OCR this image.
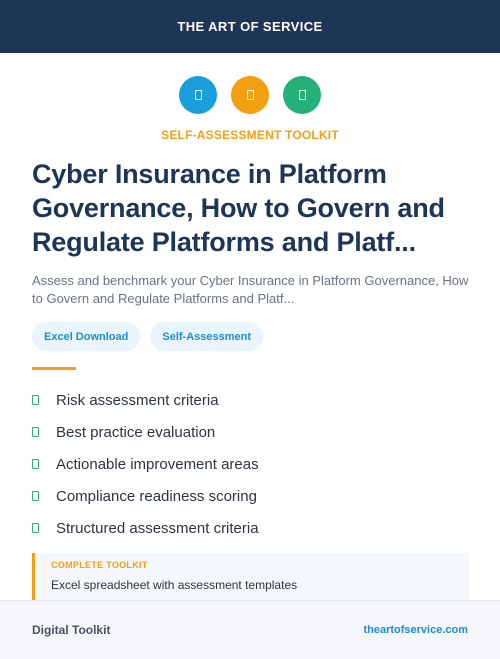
THE ART OF SERVICE
SELF-ASSESSMENT TOOLKIT
Cyber Insurance in Platform Governance, How to Govern and Regulate Platforms and Platf...

Assess and benchmark your Cyber Insurance in Platform Governance, How to Govern and Regulate Platforms and Platf...

Excel Download	Self-Assessment
Risk assessment criteria
Best practice evaluation
Actionable improvement areas
Compliance readiness scoring
Structured assessment criteria
COMPLETE TOOLKIT
Excel spreadsheet with assessment templates
Digital Toolkit	theartofservice.com
